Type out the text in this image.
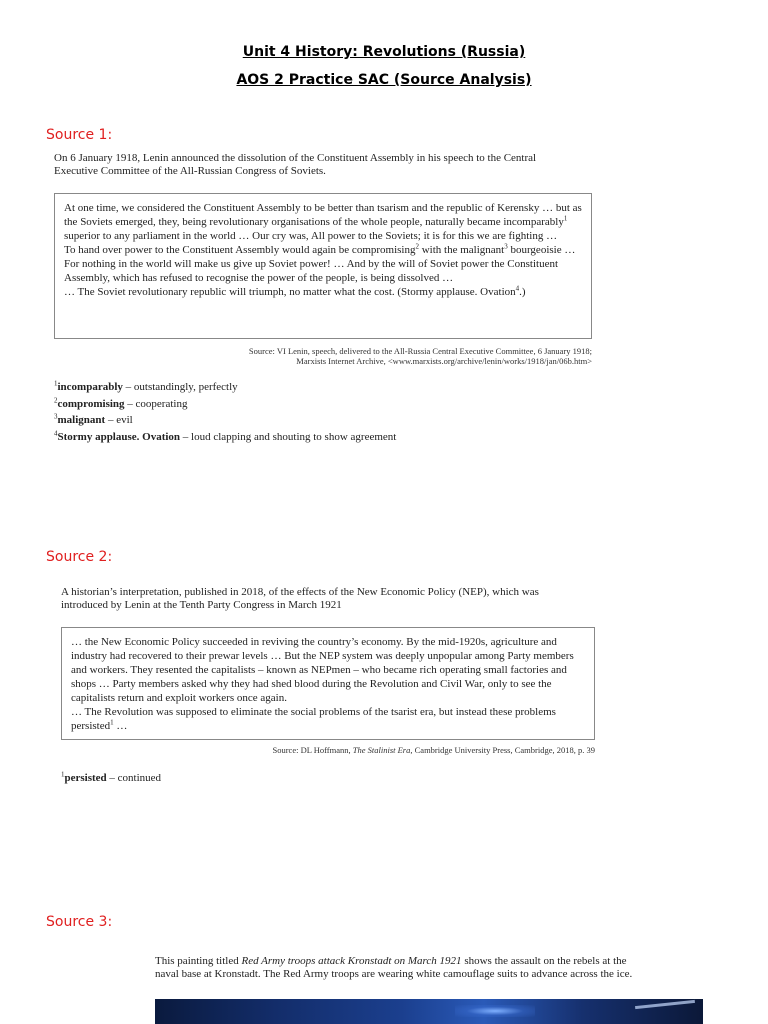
Unit 4 History: Revolutions (Russia)
AOS 2 Practice SAC (Source Analysis)
Source 1:
On 6 January 1918, Lenin announced the dissolution of the Constituent Assembly in his speech to the Central
Executive Committee of the All-Russian Congress of Soviets.

At one time, we considered the Constituent Assembly to be better than tsarism and the republic of Kerensky … but as the Soviets emerged, they, being revolutionary organisations of the whole people, naturally became incomparably$^1$ superior to any parliament in the world … Our cry was, All power to the Soviets; it is for this we are fighting …

To hand over power to the Constituent Assembly would again be compromising$^2$ with the malignant$^3$ bourgeoisie … For nothing in the world will make us give up Soviet power! … And by the will of Soviet power the Constituent Assembly, which has refused to recognise the power of the people, is being dissolved …

… The Soviet revolutionary republic will triumph, no matter what the cost. (Stormy applause. Ovation$^4$.)

Source: VI Lenin, speech, delivered to the All-Russia Central Executive Committee, 6 January 1918;
Marxists Internet Archive, <www.marxists.org/archive/lenin/works/1918/jan/06b.htm>
$^1$incomparably – outstandingly, perfectly
$^2$compromising – cooperating
$^3$malignant – evil
$^4$Stormy applause. Ovation – loud clapping and shouting to show agreement
Source 2:
A historian’s interpretation, published in 2018, of the effects of the New Economic Policy (NEP), which was
introduced by Lenin at the Tenth Party Congress in March 1921

… the New Economic Policy succeeded in reviving the country’s economy. By the mid-1920s, agriculture and industry had recovered to their prewar levels … But the NEP system was deeply unpopular among Party members and workers. They resented the capitalists – known as NEPmen – who became rich operating small factories and shops … Party members asked why they had shed blood during the Revolution and Civil War, only to see the capitalists return and exploit workers once again.

… The Revolution was supposed to eliminate the social problems of the tsarist era, but instead these problems persisted$^1$ …

Source: DL Hoffmann, The Stalinist Era, Cambridge University Press, Cambridge, 2018, p. 39
$^1$persisted – continued
Source 3:
This painting titled Red Army troops attack Kronstadt on March 1921 shows the assault on the rebels at the
naval base at Kronstadt. The Red Army troops are wearing white camouflage suits to advance across the ice.
